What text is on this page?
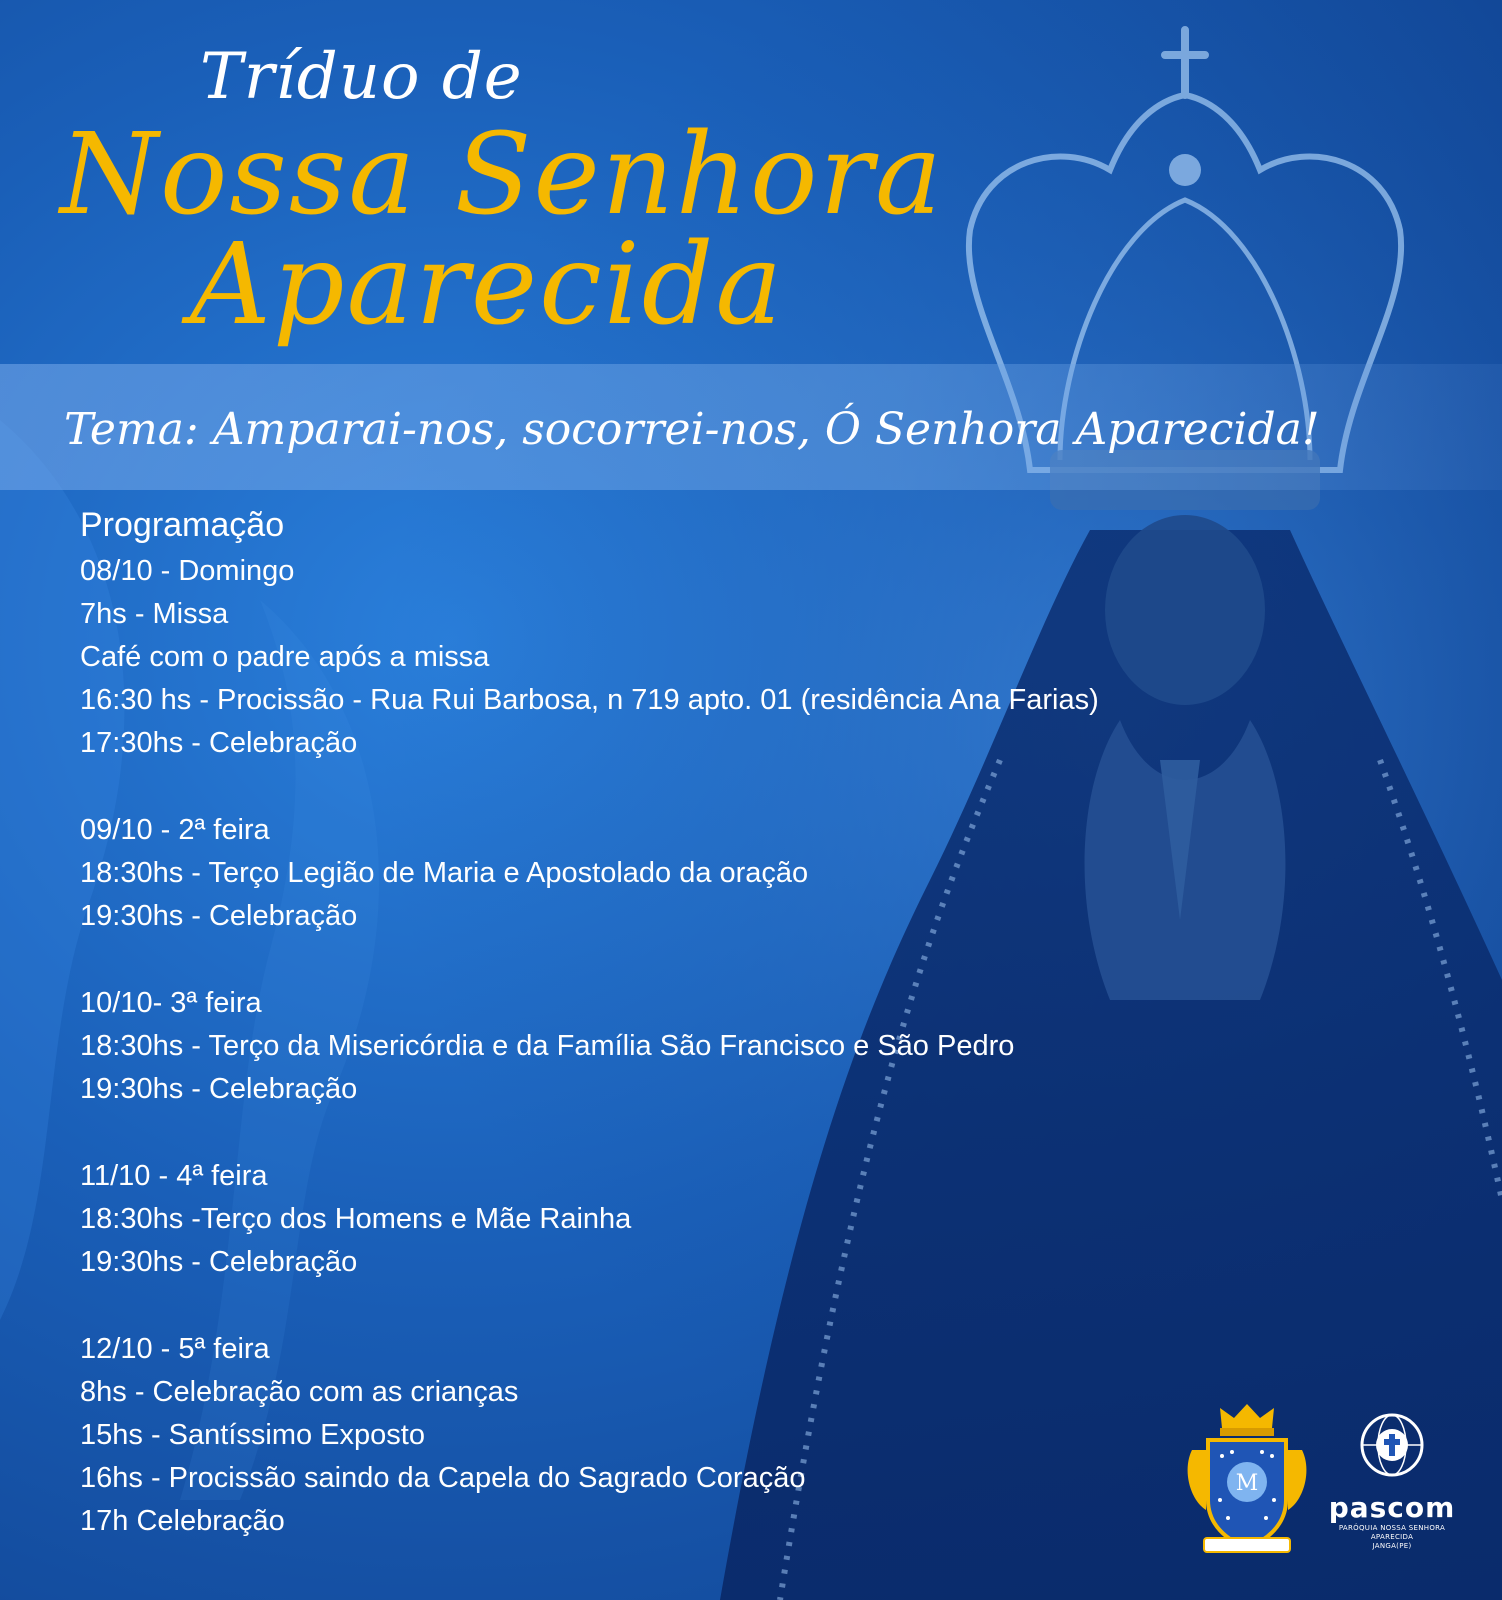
Tríduo de
Nossa Senhora
Aparecida
Tema: Amparai-nos, socorrei-nos, Ó Senhora Aparecida!
Programação
08/10 - Domingo
7hs - Missa
Café com o padre após a missa
16:30 hs - Procissão - Rua Rui Barbosa, n 719 apto. 01 (residência Ana Farias)
17:30hs - Celebração
09/10 - 2ª feira
18:30hs - Terço Legião de Maria e Apostolado da oração
19:30hs - Celebração
10/10- 3ª feira
18:30hs - Terço da Misericórdia e da Família São Francisco e São Pedro
19:30hs - Celebração
11/10 - 4ª feira
18:30hs -Terço dos Homens e Mãe Rainha
19:30hs - Celebração
12/10 - 5ª feira
8hs - Celebração com as crianças
15hs - Santíssimo Exposto
16hs - Procissão saindo da Capela do Sagrado Coração
17h Celebração
M
pascom
PARÓQUIA NOSSA SENHORA APARECIDA
JANGA(PE)
